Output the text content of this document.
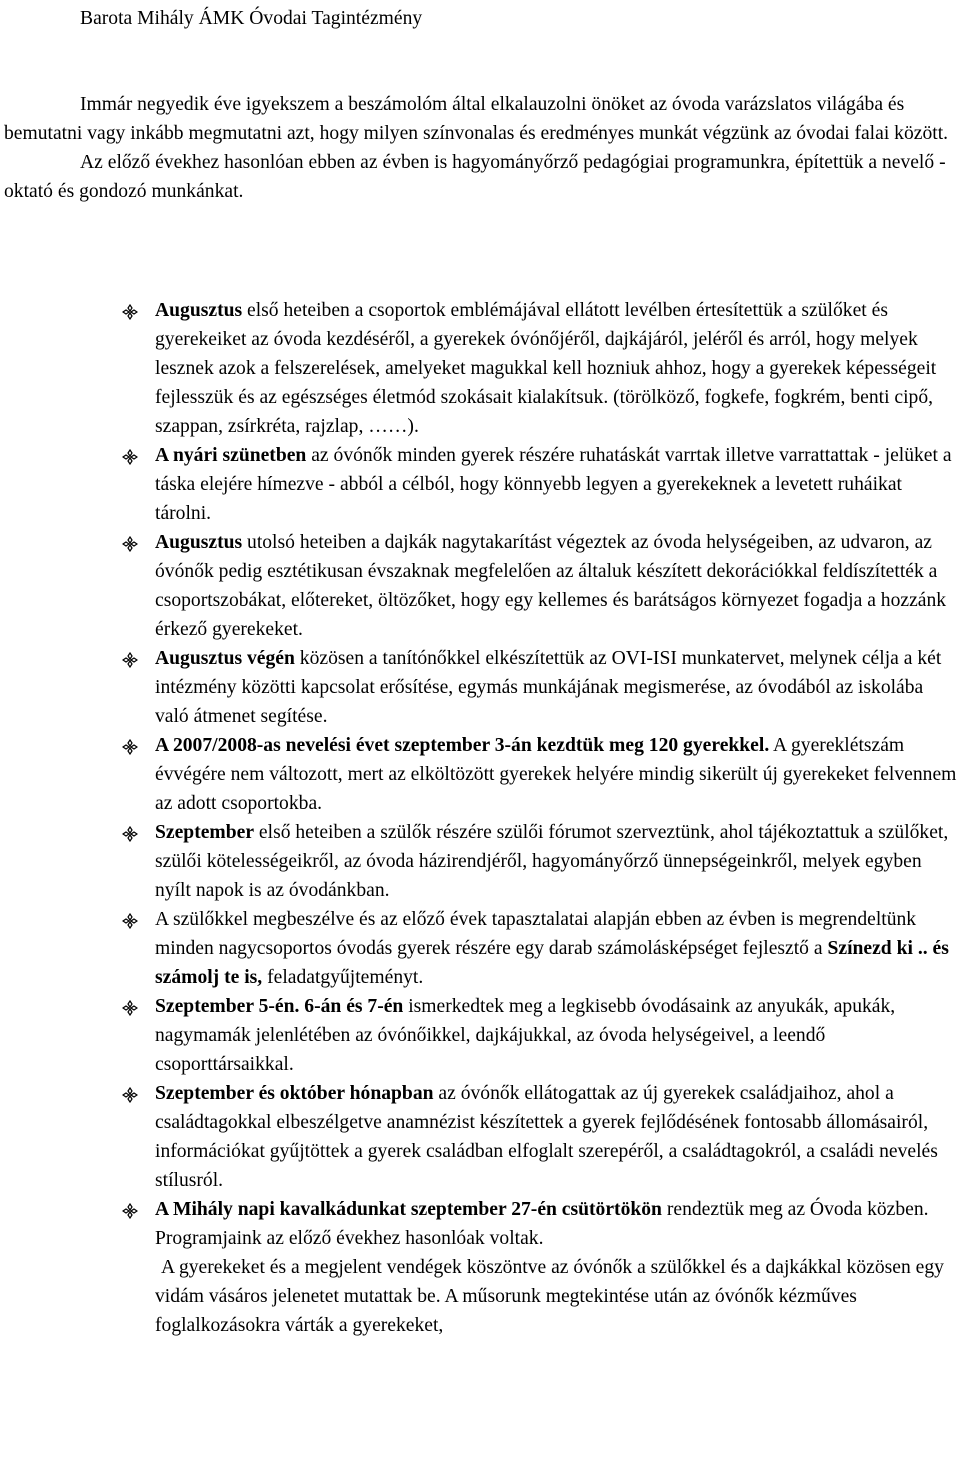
Barota Mihály ÁMK Óvodai Tagintézmény

Immár negyedik éve igyekszem a beszámolóm által elkalauzolni önöket az óvoda varázslatos világába és bemutatni vagy inkább megmutatni azt, hogy milyen színvonalas és eredményes munkát végzünk az óvodai falai között.

Az előző évekhez hasonlóan ebben az évben is hagyományőrző pedagógiai programunkra, építettük a nevelő - oktató és gondozó munkánkat.

Augusztus első heteiben a csoportok emblémájával ellátott levélben értesítettük a szülőket és gyerekeiket az óvoda kezdéséről, a gyerekek óvónőjéről, dajkájáról, jeléről és arról, hogy melyek lesznek azok a felszerelések, amelyeket magukkal kell hozniuk ahhoz, hogy a gyerekek képességeit fejlesszük és az egészséges életmód szokásait kialakítsuk. (törölköző, fogkefe, fogkrém, benti cipő, szappan, zsírkréta, rajzlap, ……).
A nyári szünetben az óvónők minden gyerek részére ruhatáskát varrtak illetve varrattattak - jelüket a táska elejére hímezve - abból a célból, hogy könnyebb legyen a gyerekeknek a levetett ruháikat tárolni.
Augusztus utolsó heteiben a dajkák nagytakarítást végeztek az óvoda helységeiben, az udvaron, az óvónők pedig esztétikusan évszaknak megfelelően az általuk készített dekorációkkal feldíszítették a csoportszobákat, előtereket, öltözőket, hogy egy kellemes és barátságos környezet fogadja a hozzánk érkező gyerekeket.
Augusztus végén közösen a tanítónőkkel elkészítettük az OVI-ISI munkatervet, melynek célja a két intézmény közötti kapcsolat erősítése, egymás munkájának megismerése, az óvodából az iskolába való átmenet segítése.
A 2007/2008-as nevelési évet szeptember 3-án kezdtük meg 120 gyerekkel. A gyereklétszám évvégére nem változott, mert az elköltözött gyerekek helyére mindig sikerült új gyerekeket felvennem az adott csoportokba.
Szeptember első heteiben a szülők részére szülői fórumot szerveztünk, ahol tájékoztattuk a szülőket, szülői kötelességeikről, az óvoda házirendjéről, hagyományőrző ünnepségeinkről, melyek egyben nyílt napok is az óvodánkban.
A szülőkkel megbeszélve és az előző évek tapasztalatai alapján ebben az évben is megrendeltünk minden nagycsoportos óvodás gyerek részére egy darab számolásképséget fejlesztő a Színezd ki .. és számolj te is, feladatgyűjteményt.
Szeptember 5-én. 6-án és 7-én ismerkedtek meg a legkisebb óvodásaink az anyukák, apukák, nagymamák jelenlétében az óvónőikkel, dajkájukkal, az óvoda helységeivel, a leendő csoporttársaikkal.
Szeptember és október hónapban az óvónők ellátogattak az új gyerekek családjaihoz, ahol a családtagokkal elbeszélgetve anamnézist készítettek a gyerek fejlődésének fontosabb állomásairól, információkat gyűjtöttek a gyerek családban elfoglalt szerepéről, a családtagokról, a családi nevelés stílusról.
A Mihály napi kavalkádunkat szeptember 27-én csütörtökön rendeztük meg az Óvoda közben. Programjaink az előző évekhez hasonlóak voltak.
A gyerekeket és a megjelent vendégek köszöntve az óvónők a szülőkkel és a dajkákkal közösen egy vidám vásáros jelenetet mutattak be. A műsorunk megtekintése után az óvónők kézműves foglalkozásokra várták a gyerekeket,
